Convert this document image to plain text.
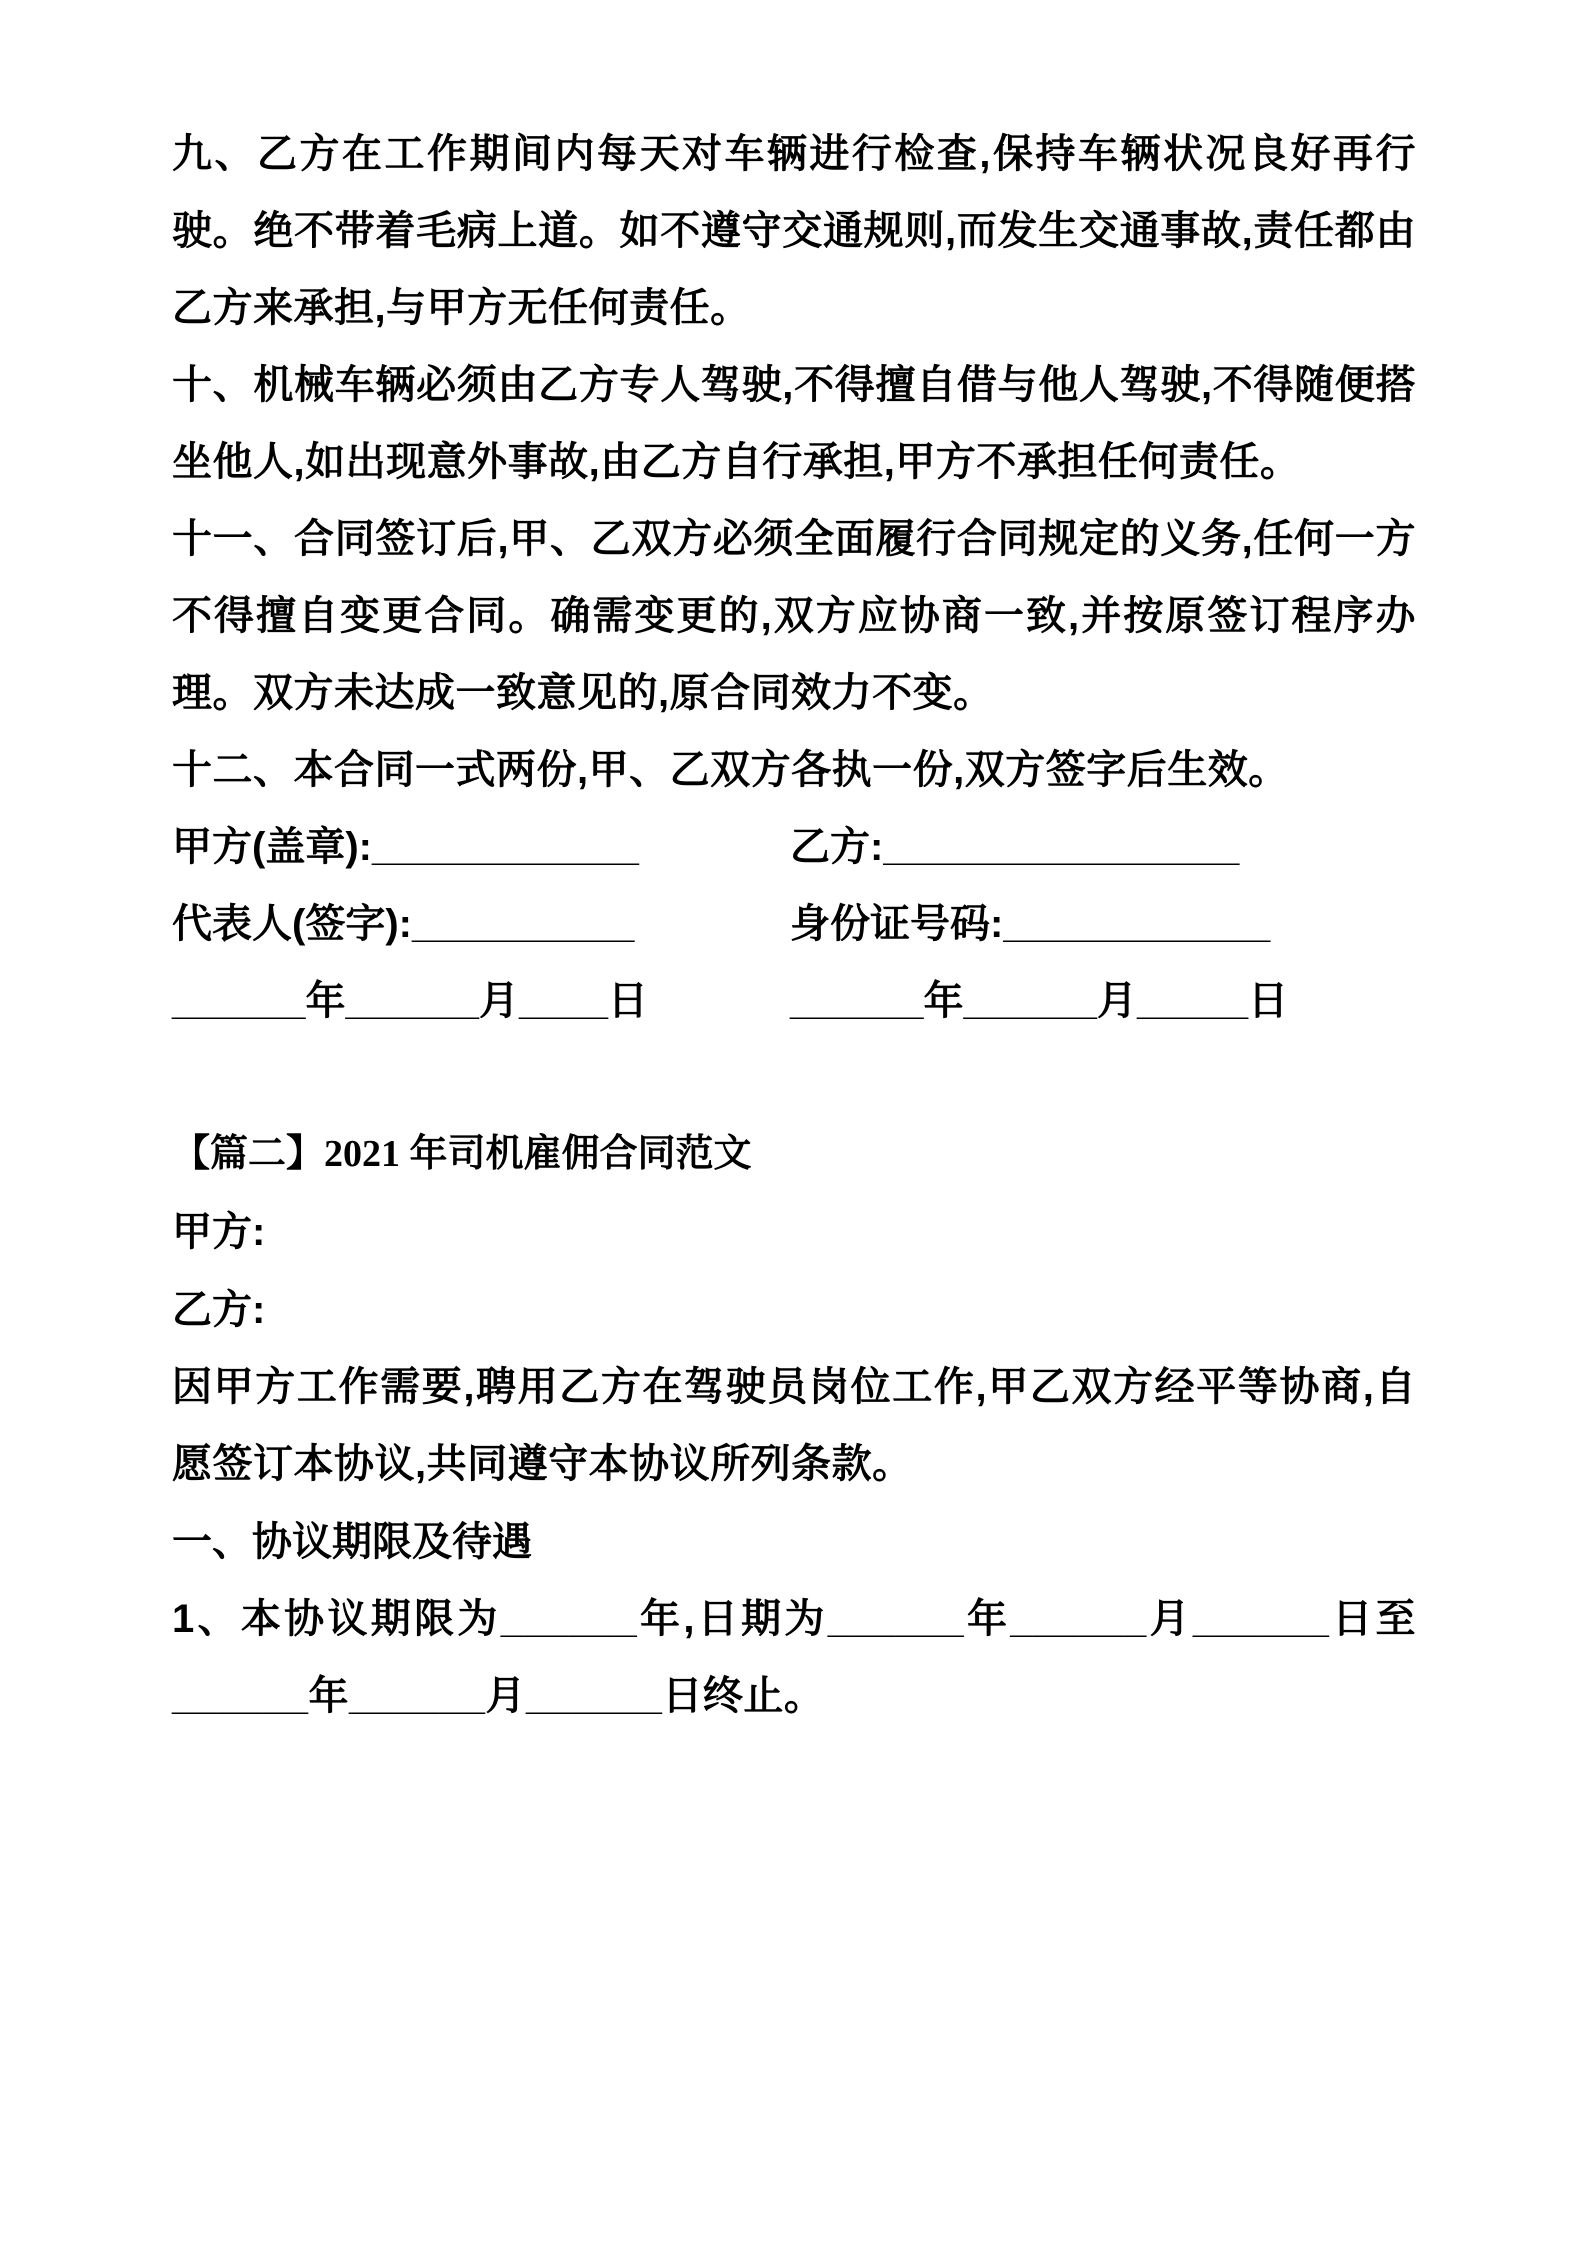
九、乙方在工作期间内每天对车辆进行检查,保持车辆状况良好再行驶。绝不带着毛病上道。如不遵守交通规则,而发生交通事故,责任都由乙方来承担,与甲方无任何责任。

十、机械车辆必须由乙方专人驾驶,不得擅自借与他人驾驶,不得随便搭坐他人,如出现意外事故,由乙方自行承担,甲方不承担任何责任。

十一、合同签订后,甲、乙双方必须全面履行合同规定的义务,任何一方不得擅自变更合同。确需变更的,双方应协商一致,并按原签订程序办理。双方未达成一致意见的,原合同效力不变。

十二、本合同一式两份,甲、乙双方各执一份,双方签字后生效。

甲方(盖章):____________	乙方:________________
代表人(签字):__________	身份证号码:____________
______年______月____日	______年______月_____日
【篇二】2021 年司机雇佣合同范文

甲方:

乙方:

因甲方工作需要,聘用乙方在驾驶员岗位工作,甲乙双方经平等协商,自愿签订本协议,共同遵守本协议所列条款。

一、协议期限及待遇

1、本协议期限为______年,日期为______年______月______日至______年______月______日终止。
